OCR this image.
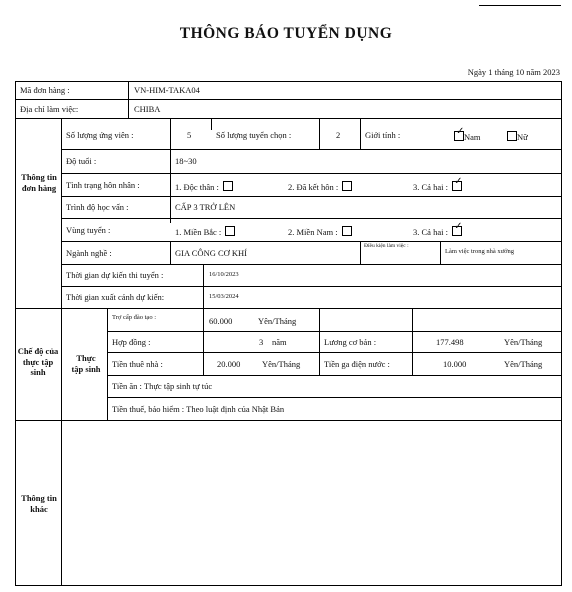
THÔNG BÁO TUYỂN DỤNG
Ngày 1 tháng 10 năm 2023
Mã đơn hàng :	VN-HIM-TAKA04
Địa chỉ làm việc:	CHIBA
Thông tin đơn hàng
Số lượng ứng viên :	5	Số lượng tuyển chọn :	2	Giới tính :
✓	Nam	Nữ
Độ tuổi :	18~30
Tình trạng hôn nhân :	1. Độc thân :	2. Đã kết hôn :	3. Cả hai : ✓
Trình độ học vấn :	CẤP 3 TRỞ LÊN
Vùng tuyển :	1. Miền Bắc :	2. Miền Nam :	3. Cả hai : ✓
Ngành nghề :	GIA CÔNG CƠ KHÍ
Điều kiện làm việc :
Làm việc trong nhà xưởng
Thời gian dự kiến thi tuyển :	16/10/2023
Thời gian xuất cảnh dự kiến:	15/03/2024
Chế độ của thực tập sinh
Thực tập sinh
Trợ cấp đào tạo :	60.000	Yên/Tháng
Hợp đồng :	3 năm	Lương cơ bản :	177.498	Yên/Tháng
Tiền thuê nhà :	20.000	Yên/Tháng	Tiền ga điện nước :	10.000	Yên/Tháng
Tiền ăn : Thực tập sinh tự túc
Tiền thuế, bảo hiểm : Theo luật định của Nhật Bản
Thông tin khác
